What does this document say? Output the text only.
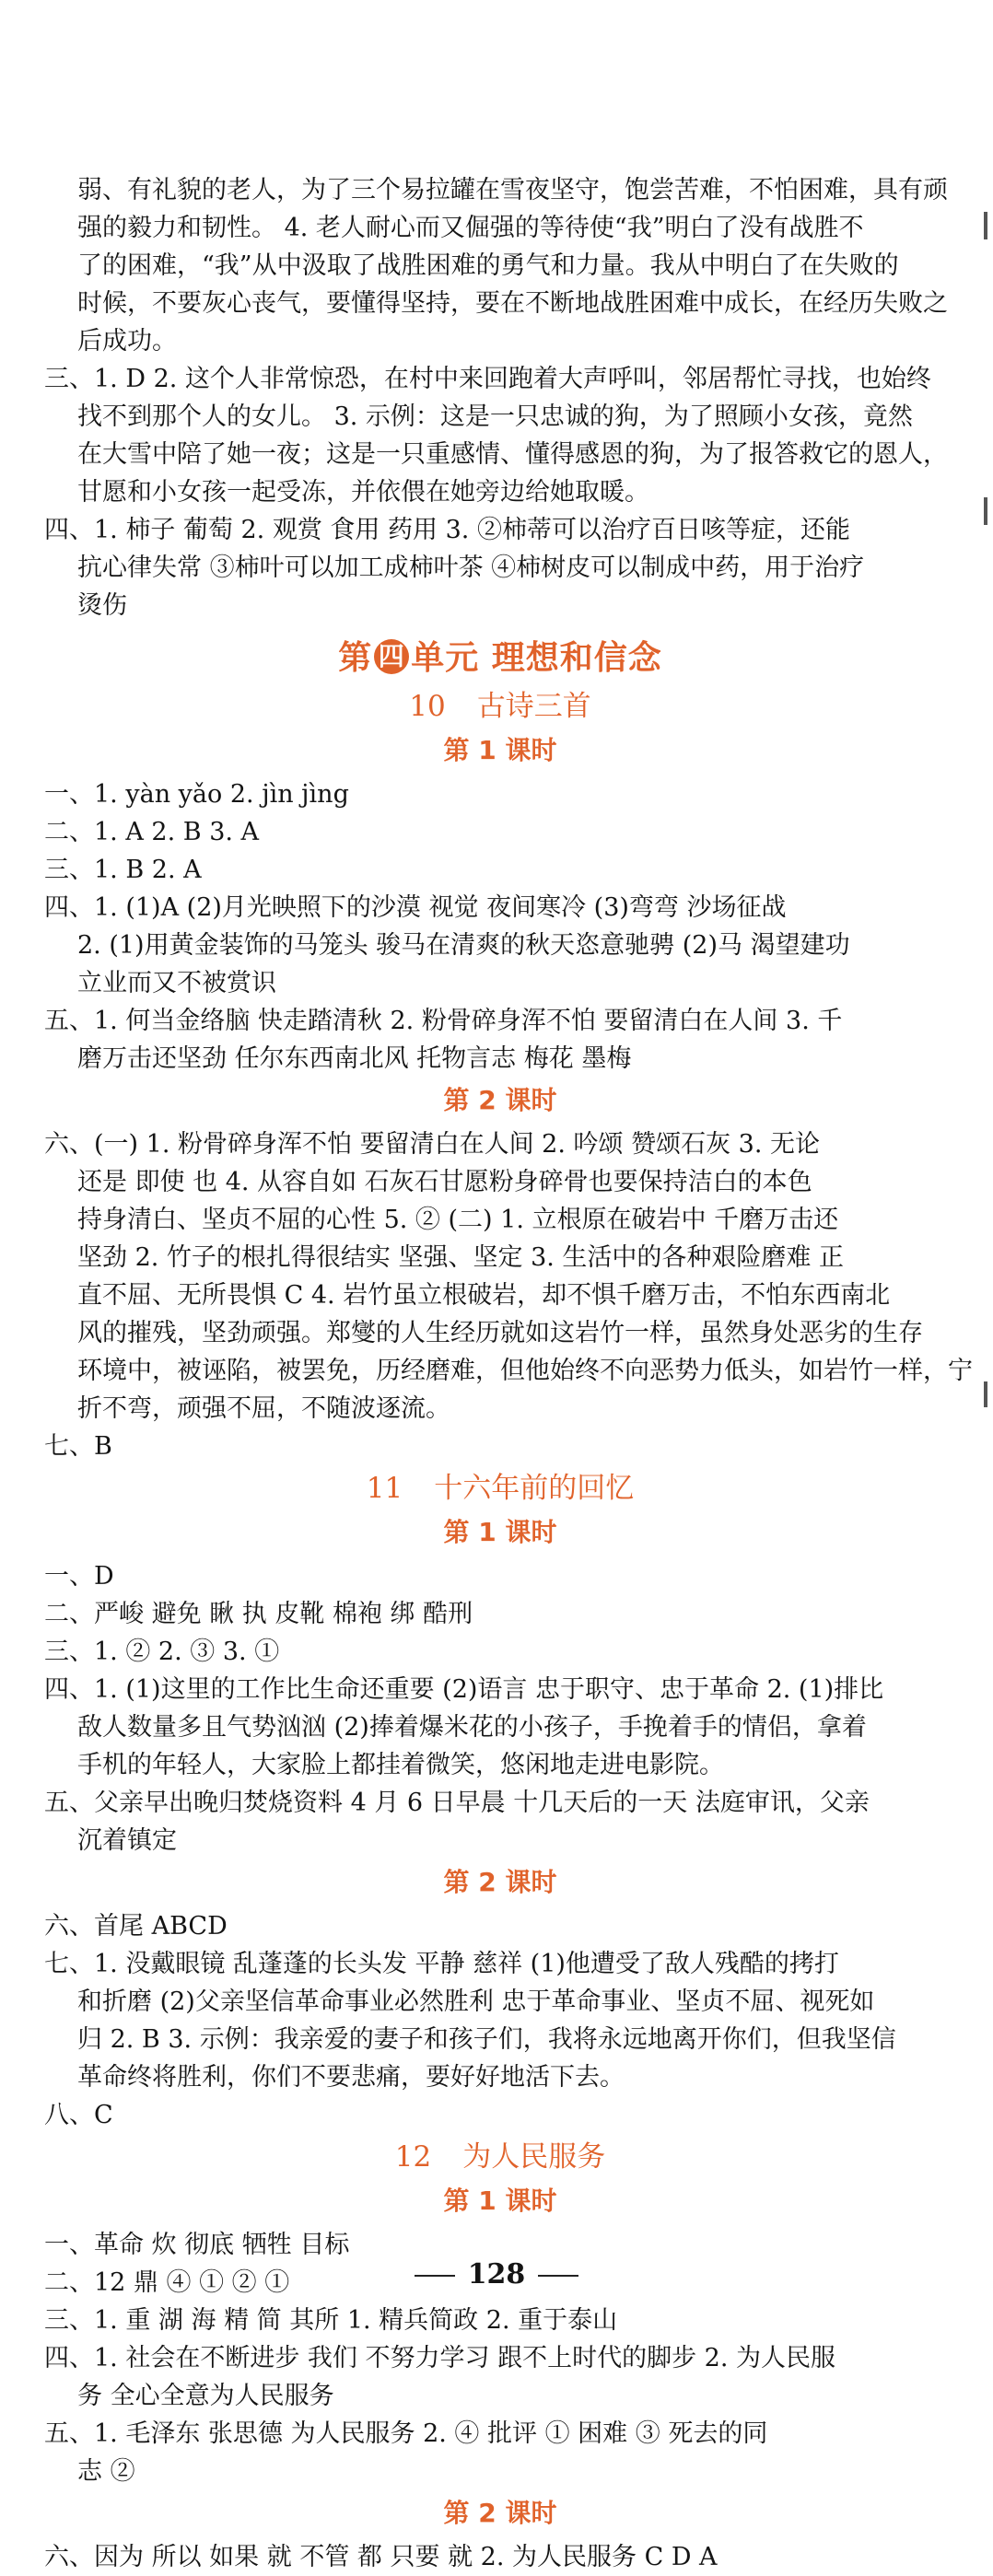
弱、有礼貌的老人，为了三个易拉罐在雪夜坚守，饱尝苦难，不怕困难，具有顽

强的毅力和韧性。 4. 老人耐心而又倔强的等待使“我”明白了没有战胜不

了的困难，“我”从中汲取了战胜困难的勇气和力量。我从中明白了在失败的

时候，不要灰心丧气，要懂得坚持，要在不断地战胜困难中成长，在经历失败之

后成功。

三、1. D 2. 这个人非常惊恐，在村中来回跑着大声呼叫，邻居帮忙寻找，也始终

找不到那个人的女儿。 3. 示例：这是一只忠诚的狗，为了照顾小女孩，竟然

在大雪中陪了她一夜；这是一只重感情、懂得感恩的狗，为了报答救它的恩人，

甘愿和小女孩一起受冻，并依偎在她旁边给她取暖。

四、1. 柿子 葡萄 2. 观赏 食用 药用 3. ②柿蒂可以治疗百日咳等症，还能

抗心律失常 ③柿叶可以加工成柿叶茶 ④柿树皮可以制成中药，用于治疗

烫伤

第 四 单元 理想和信念
10 古诗三首
第 1 课时

一、1. yàn yǎo 2. jìn jìng

二、1. A 2. B 3. A

三、1. B 2. A

四、1. (1)A (2)月光映照下的沙漠 视觉 夜间寒冷 (3)弯弯 沙场征战

2. (1)用黄金装饰的马笼头 骏马在清爽的秋天恣意驰骋 (2)马 渴望建功

立业而又不被赏识

五、1. 何当金络脑 快走踏清秋 2. 粉骨碎身浑不怕 要留清白在人间 3. 千

磨万击还坚劲 任尔东西南北风 托物言志 梅花 墨梅

第 2 课时

六、(一) 1. 粉骨碎身浑不怕 要留清白在人间 2. 吟颂 赞颂石灰 3. 无论

还是 即使 也 4. 从容自如 石灰石甘愿粉身碎骨也要保持洁白的本色

持身清白、坚贞不屈的心性 5. ② (二) 1. 立根原在破岩中 千磨万击还

坚劲 2. 竹子的根扎得很结实 坚强、坚定 3. 生活中的各种艰险磨难 正

直不屈、无所畏惧 C 4. 岩竹虽立根破岩，却不惧千磨万击，不怕东西南北

风的摧残，坚劲顽强。郑燮的人生经历就如这岩竹一样，虽然身处恶劣的生存

环境中，被诬陷，被罢免，历经磨难，但他始终不向恶势力低头，如岩竹一样，宁

折不弯，顽强不屈，不随波逐流。

七、B

11 十六年前的回忆
第 1 课时

一、D

二、严峻 避免 瞅 执 皮靴 棉袍 绑 酷刑

三、1. ② 2. ③ 3. ①

四、1. (1)这里的工作比生命还重要 (2)语言 忠于职守、忠于革命 2. (1)排比

敌人数量多且气势汹汹 (2)捧着爆米花的小孩子，手挽着手的情侣，拿着

手机的年轻人，大家脸上都挂着微笑，悠闲地走进电影院。

五、父亲早出晚归焚烧资料 4 月 6 日早晨 十几天后的一天 法庭审讯，父亲

沉着镇定

第 2 课时

六、首尾 ABCD

七、1. 没戴眼镜 乱蓬蓬的长头发 平静 慈祥 (1)他遭受了敌人残酷的拷打

和折磨 (2)父亲坚信革命事业必然胜利 忠于革命事业、坚贞不屈、视死如

归 2. B 3. 示例：我亲爱的妻子和孩子们，我将永远地离开你们，但我坚信

革命终将胜利，你们不要悲痛，要好好地活下去。

八、C

12 为人民服务
第 1 课时

一、革命 炊 彻底 牺牲 目标

二、12 鼎 ④ ① ② ①

三、1. 重 湖 海 精 简 其所 1. 精兵简政 2. 重于泰山

四、1. 社会在不断进步 我们 不努力学习 跟不上时代的脚步 2. 为人民服

务 全心全意为人民服务

五、1. 毛泽东 张思德 为人民服务 2. ④ 批评 ① 困难 ③ 死去的同

志 ②

第 2 课时

六、因为 所以 如果 就 不管 都 只要 就 2. 为人民服务 C D A

128
